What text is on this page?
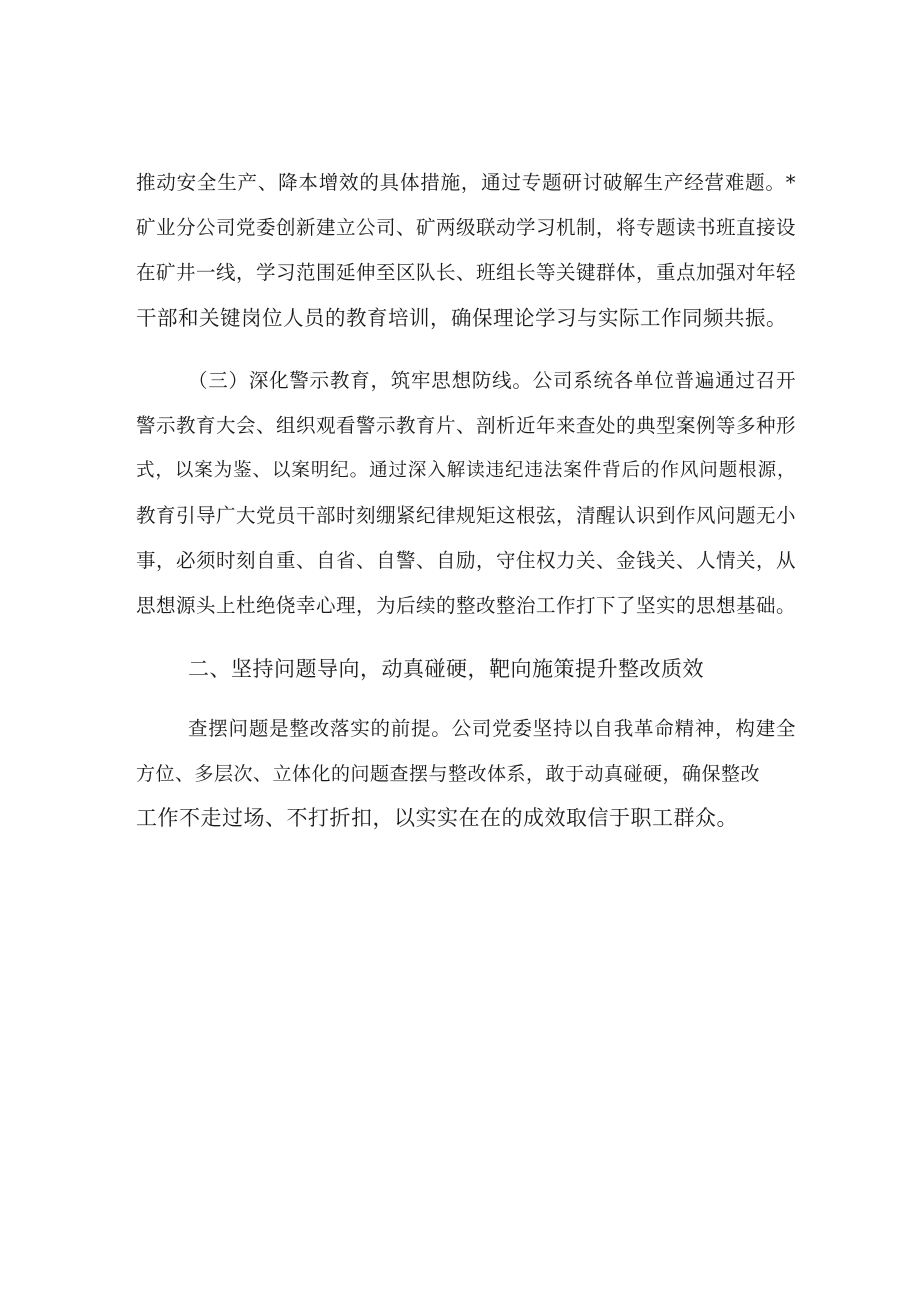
推动安全生产、降本增效的具体措施，通过专题研讨破解生产经营难题。*

矿业分公司党委创新建立公司、矿两级联动学习机制，将专题读书班直接设

在矿井一线，学习范围延伸至区队长、班组长等关键群体，重点加强对年轻

干部和关键岗位人员的教育培训，确保理论学习与实际工作同频共振。

（三）深化警示教育，筑牢思想防线。公司系统各单位普遍通过召开

警示教育大会、组织观看警示教育片、剖析近年来查处的典型案例等多种形

式，以案为鉴、以案明纪。通过深入解读违纪违法案件背后的作风问题根源，

教育引导广大党员干部时刻绷紧纪律规矩这根弦，清醒认识到作风问题无小

事，必须时刻自重、自省、自警、自励，守住权力关、金钱关、人情关，从

思想源头上杜绝侥幸心理，为后续的整改整治工作打下了坚实的思想基础。

二、坚持问题导向，动真碰硬，靶向施策提升整改质效

查摆问题是整改落实的前提。公司党委坚持以自我革命精神，构建全

方位、多层次、立体化的问题查摆与整改体系，敢于动真碰硬，确保整改

工作不走过场、不打折扣，以实实在在的成效取信于职工群众。
